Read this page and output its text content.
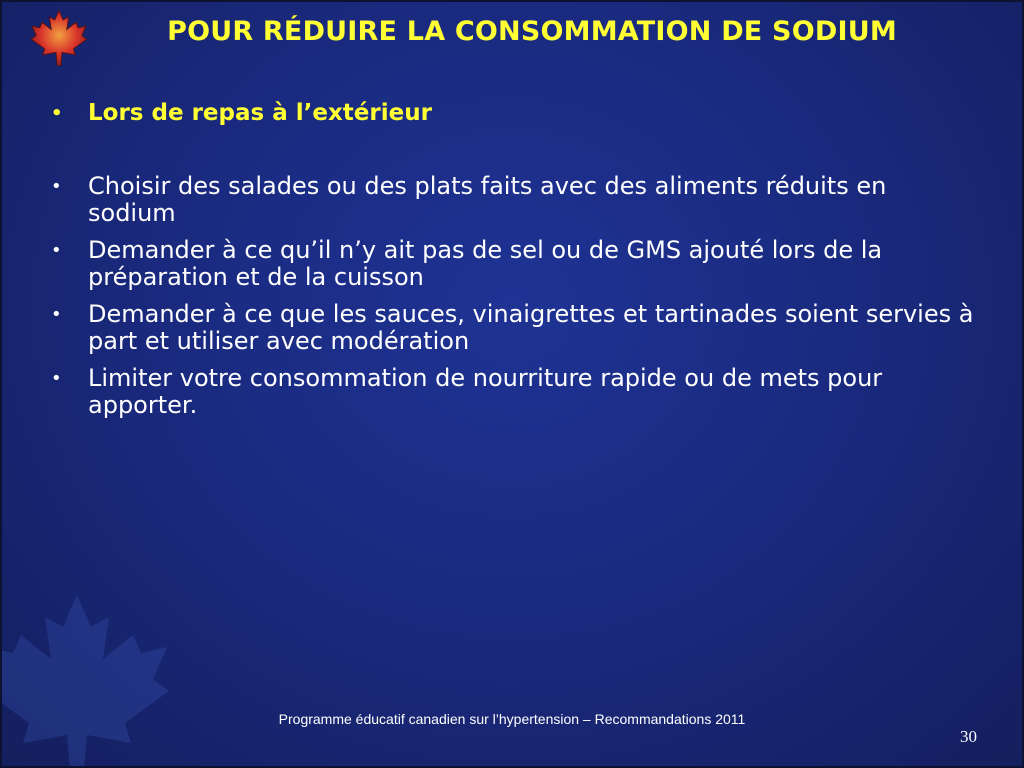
POUR RÉDUIRE LA CONSOMMATION DE SODIUM
• Lors de repas à l’extérieur
• Choisir des salades ou des plats faits avec des aliments réduits en sodium
• Demander à ce qu’il n’y ait pas de sel ou de GMS ajouté lors de la préparation et de la cuisson
• Demander à ce que les sauces, vinaigrettes et tartinades soient servies à part et utiliser avec modération
• Limiter votre consommation de nourriture rapide ou de mets pour apporter.
Programme éducatif canadien sur l’hypertension – Recommandations 2011
30
